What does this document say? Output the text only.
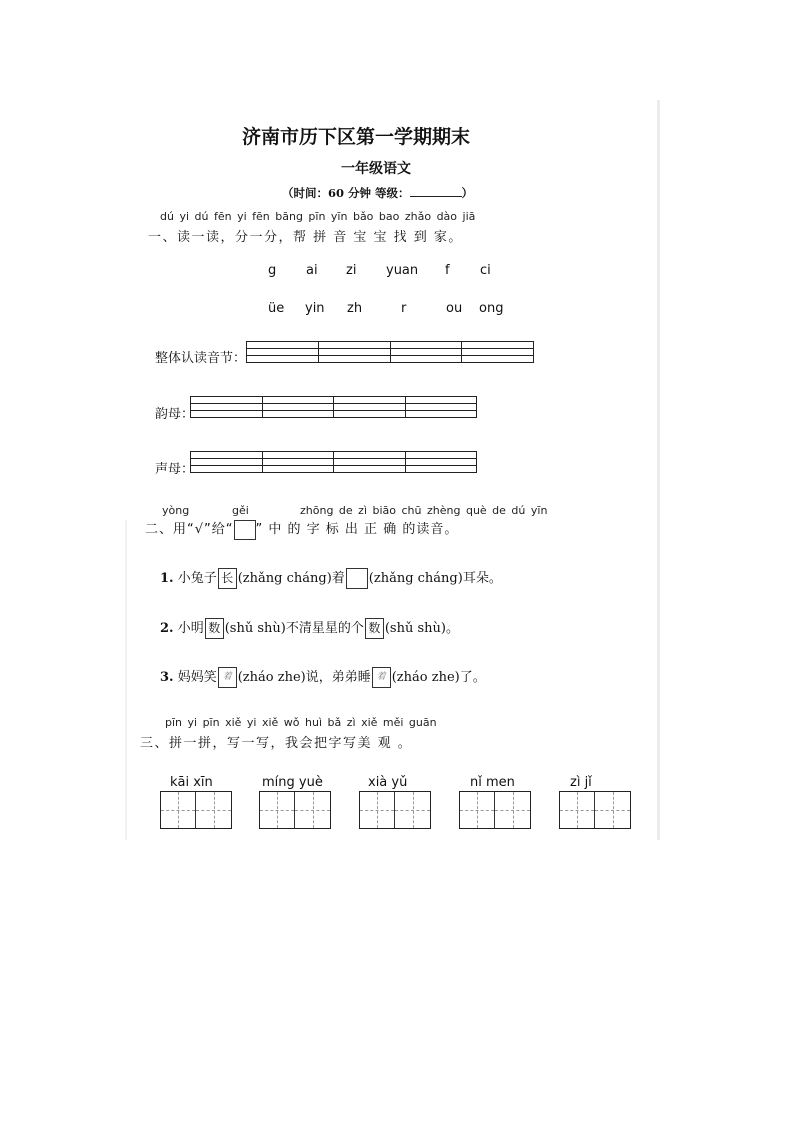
济南市历下区第一学期期末
一年级语文
（时间：60 分钟 等级：	）
dú yi dú fēn yi fēn bāng pīn yīn bǎo bao zhǎo dào jiā
一、读一读，分一分，帮 拼 音 宝 宝 找 到 家。
g ai zi yuan f ci
üe yin zh	r	ou ong
整体认读音节：

韵母：

声母：

yòng	gěi	zhōng de zì biāo chū zhèng què de dú yīn
二、用“√”给“ ” 中 的 字 标 出 正 确 的读音。
1. 小兔子 长 (zhǎng cháng)着 (zhǎng cháng)耳朵。
2. 小明 数 (shǔ shù)不清星星的个 数 (shǔ shù)。
3. 妈妈笑 着 (zháo zhe)说，弟弟睡 着 (zháo zhe)了。
pīn yi pīn xiě yi xiě wǒ huì bǎ zì xiě měi guān
三、拼一拼，写一写，我会把字写美 观 。
kāi xīn	míng yuè	xià yǔ	nǐ men	zì jǐ
